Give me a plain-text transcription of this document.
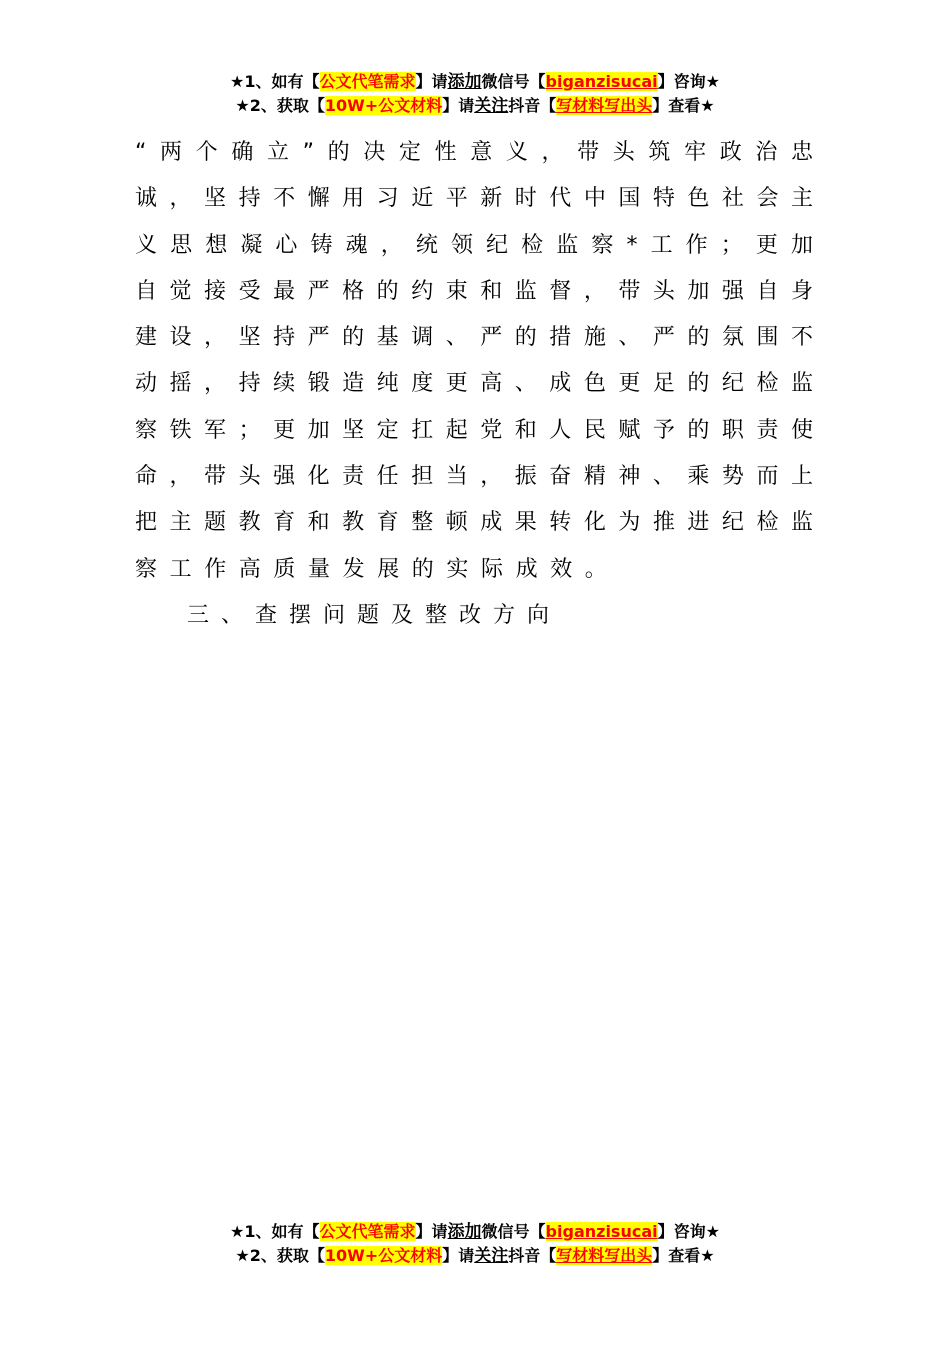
★1、如有【公文代笔需求】请添加微信号【biganzisucai】咨询★
★2、获取【10W+公文材料】请关注抖音【写材料写出头】查看★
“两个确立”的决定性意义，带头筑牢政治忠
诚，坚持不懈用习近平新时代中国特色社会主
义思想凝心铸魂，统领纪检监察*工作；更加
自觉接受最严格的约束和监督，带头加强自身
建设，坚持严的基调、严的措施、严的氛围不
动摇，持续锻造纯度更高、成色更足的纪检监
察铁军；更加坚定扛起党和人民赋予的职责使
命，带头强化责任担当，振奋精神、乘势而上
把主题教育和教育整顿成果转化为推进纪检监
察工作高质量发展的实际成效。
三、查摆问题及整改方向
★1、如有【公文代笔需求】请添加微信号【biganzisucai】咨询★
★2、获取【10W+公文材料】请关注抖音【写材料写出头】查看★
